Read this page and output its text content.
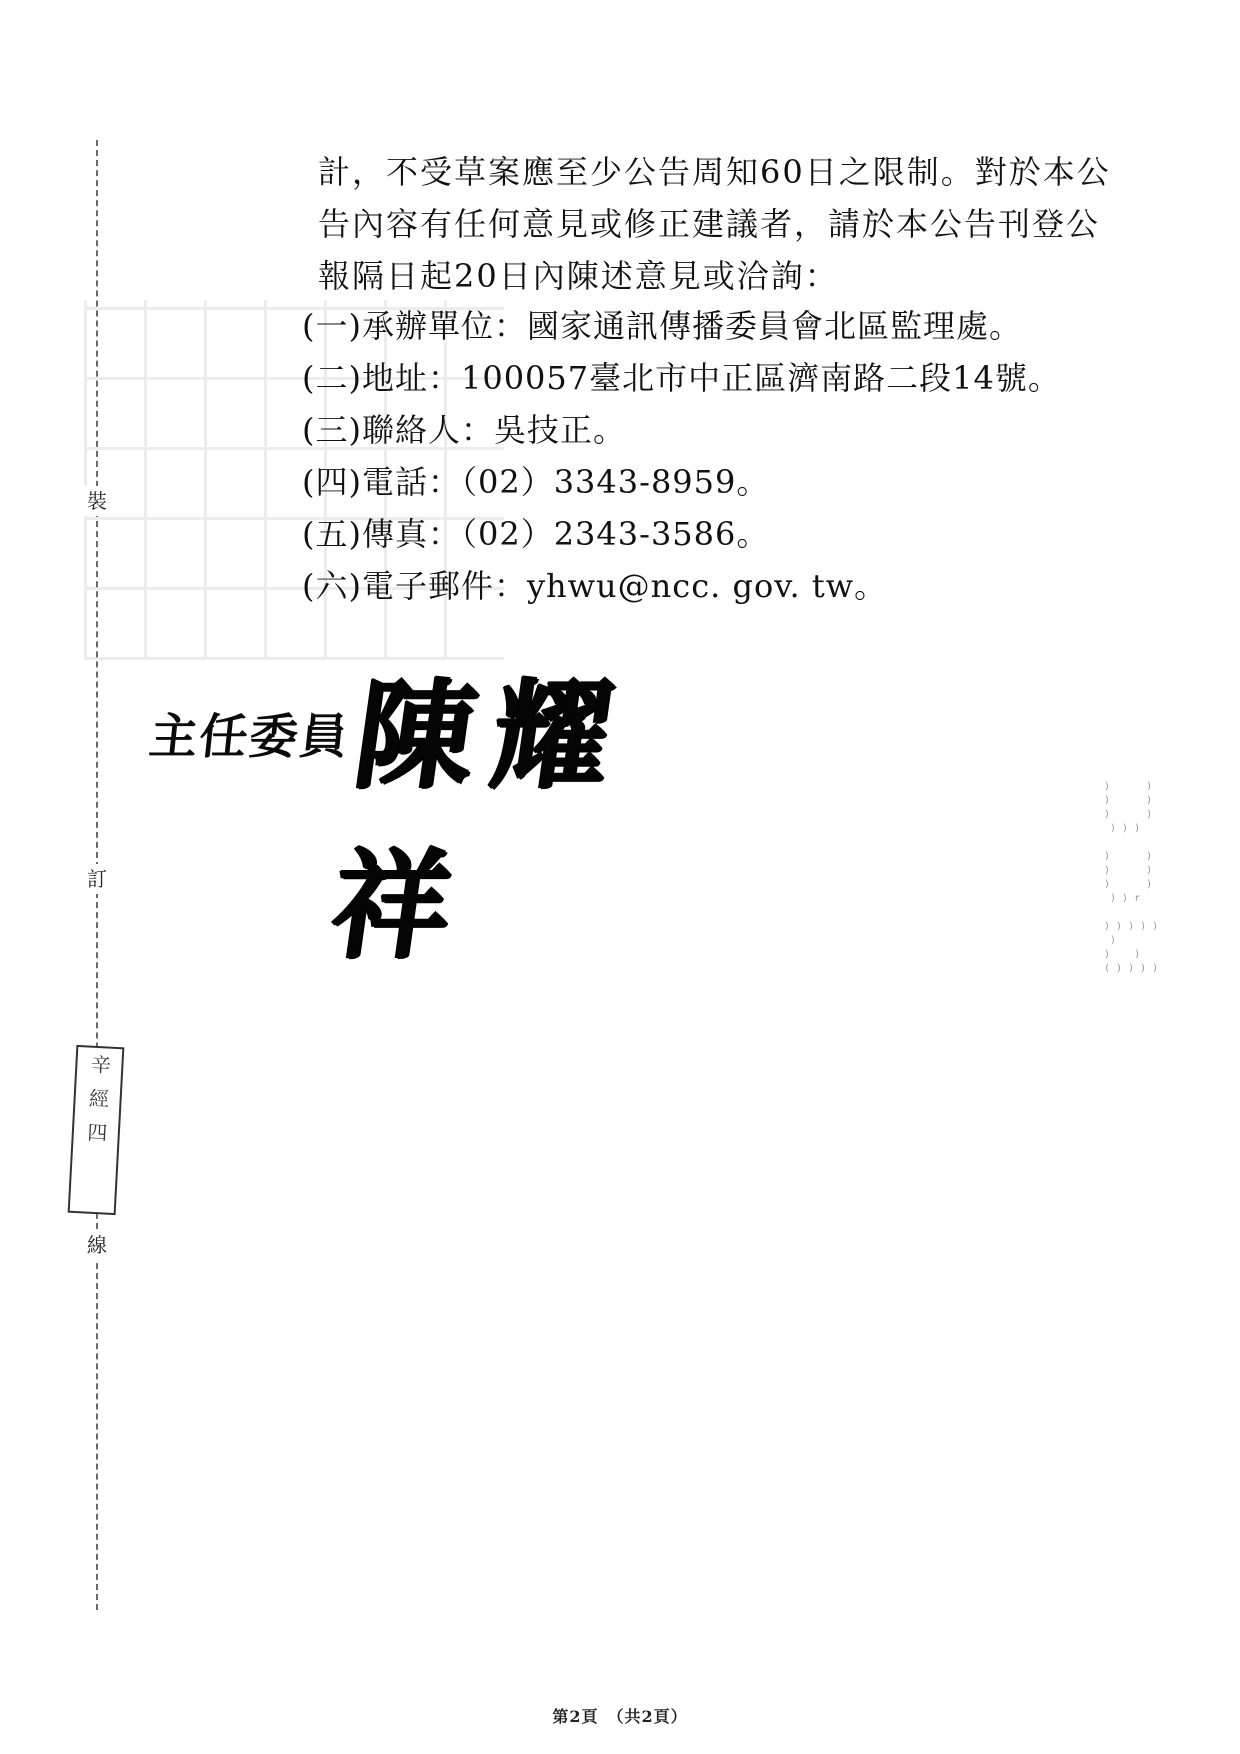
裝
訂
辛經四
線
計，不受草案應至少公告周知60日之限制。對於本公
告內容有任何意見或修正建議者，請於本公告刊登公
報隔日起20日內陳述意見或洽詢：
(一)承辦單位：國家通訊傳播委員會北區監理處。
(二)地址：100057臺北市中正區濟南路二段14號。
(三)聯絡人：吳技正。
(四)電話：（02）3343-8959。
(五)傳真：（02）2343-3586。
(六)電子郵件：yhwu@ncc. gov. tw。
主任委員
陳耀祥
)      )
)      )
)      )
) ) )

)      )
)      )
)      )
) ) r

) ) ) ) )
)
)    )
( ) ) ) )
第2頁　（共2頁）
